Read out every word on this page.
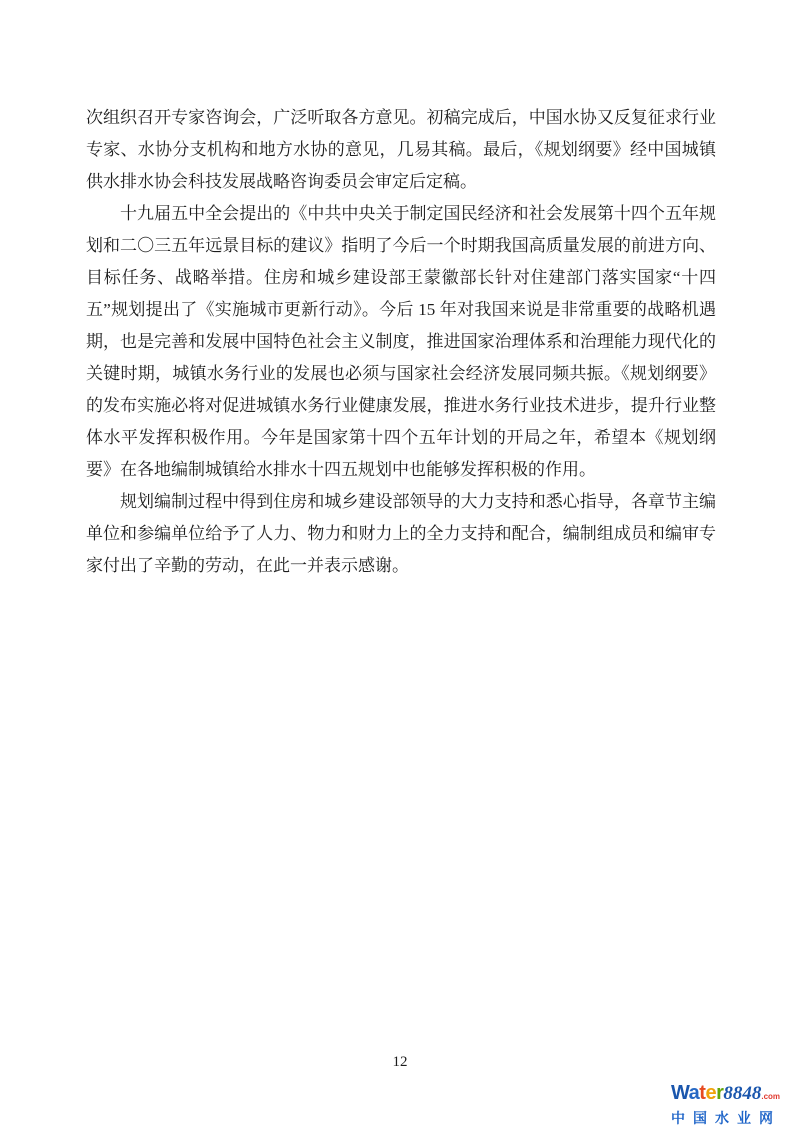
次组织召开专家咨询会，广泛听取各方意见。初稿完成后，中国水协又反复征求行业专家、水协分支机构和地方水协的意见，几易其稿。最后，《规划纲要》经中国城镇供水排水协会科技发展战略咨询委员会审定后定稿。

十九届五中全会提出的《中共中央关于制定国民经济和社会发展第十四个五年规划和二〇三五年远景目标的建议》指明了今后一个时期我国高质量发展的前进方向、目标任务、战略举措。住房和城乡建设部王蒙徽部长针对住建部门落实国家“十四五”规划提出了《实施城市更新行动》。今后 15 年对我国来说是非常重要的战略机遇期，也是完善和发展中国特色社会主义制度，推进国家治理体系和治理能力现代化的关键时期，城镇水务行业的发展也必须与国家社会经济发展同频共振。《规划纲要》的发布实施必将对促进城镇水务行业健康发展，推进水务行业技术进步，提升行业整体水平发挥积极作用。今年是国家第十四个五年计划的开局之年，希望本《规划纲要》在各地编制城镇给水排水十四五规划中也能够发挥积极的作用。

规划编制过程中得到住房和城乡建设部领导的大力支持和悉心指导，各章节主编单位和参编单位给予了人力、物力和财力上的全力支持和配合，编制组成员和编审专家付出了辛勤的劳动，在此一并表示感谢。

12
Water8848.com
中国水业网
